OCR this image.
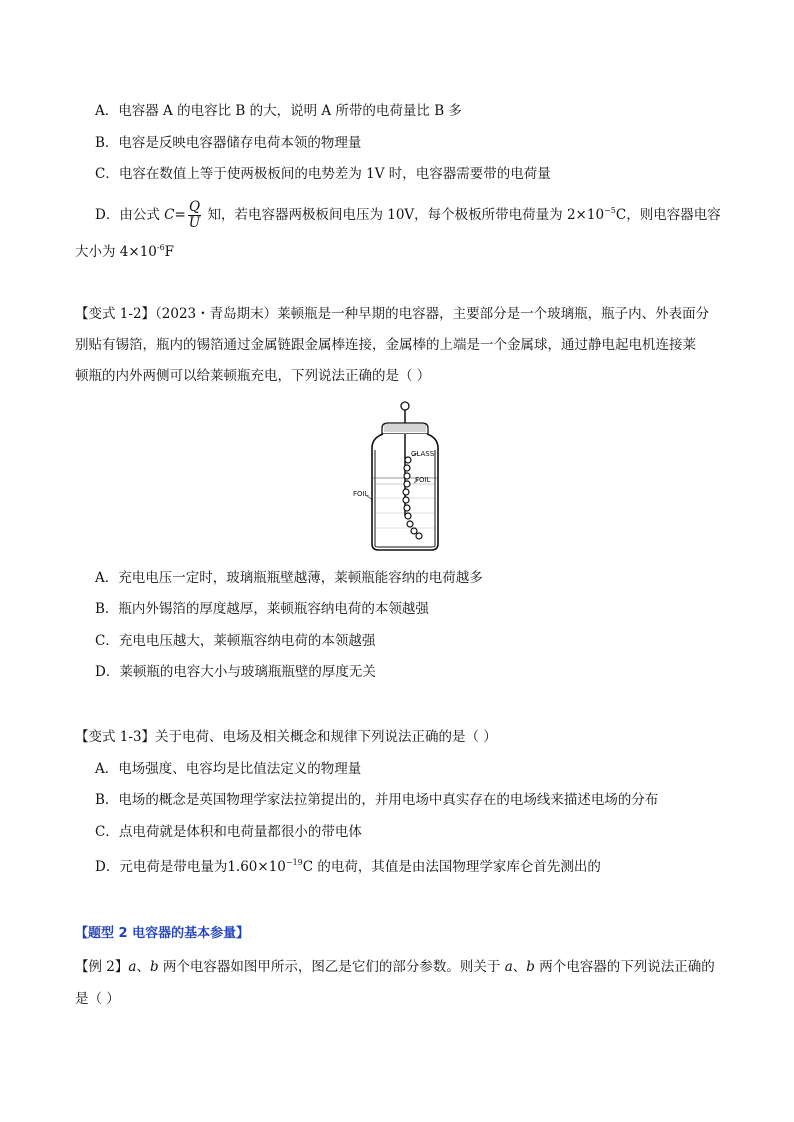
A．电容器 A 的电容比 B 的大，说明 A 所带的电荷量比 B 多
B．电容是反映电容器储存电荷本领的物理量
C．电容在数值上等于使两极板间的电势差为 1V 时，电容器需要带的电荷量
D．由公式 $C= \frac{Q}{U}$ 知，若电容器两极板间电压为 10V，每个极板所带电荷量为 $2\times 10^{-5}C$，则电容器电容
大小为 $4\times 10^{-6}F$
【变式 1-2】（2023・青岛期末）莱顿瓶是一种早期的电容器，主要部分是一个玻璃瓶，瓶子内、外表面分
别贴有锡箔，瓶内的锡箔通过金属链跟金属棒连接，金属棒的上端是一个金属球，通过静电起电机连接莱
顿瓶的内外两侧可以给莱顿瓶充电，下列说法正确的是（ ）
GLASS
FOIL
FOIL
A．充电电压一定时，玻璃瓶瓶壁越薄，莱顿瓶能容纳的电荷越多
B．瓶内外锡箔的厚度越厚，莱顿瓶容纳电荷的本领越强
C．充电电压越大，莱顿瓶容纳电荷的本领越强
D．莱顿瓶的电容大小与玻璃瓶瓶壁的厚度无关
【变式 1-3】关于电荷、电场及相关概念和规律下列说法正确的是（ ）
A．电场强度、电容均是比值法定义的物理量
B．电场的概念是英国物理学家法拉第提出的，并用电场中真实存在的电场线来描述电场的分布
C．点电荷就是体积和电荷量都很小的带电体
D．元电荷是带电量为$1.60\times 10^{-19}C$ 的电荷，其值是由法国物理学家库仑首先测出的
【题型 2 电容器的基本参量】
【例 2】a、b 两个电容器如图甲所示，图乙是它们的部分参数。则关于 a、b 两个电容器的下列说法正确的
是（ ）
